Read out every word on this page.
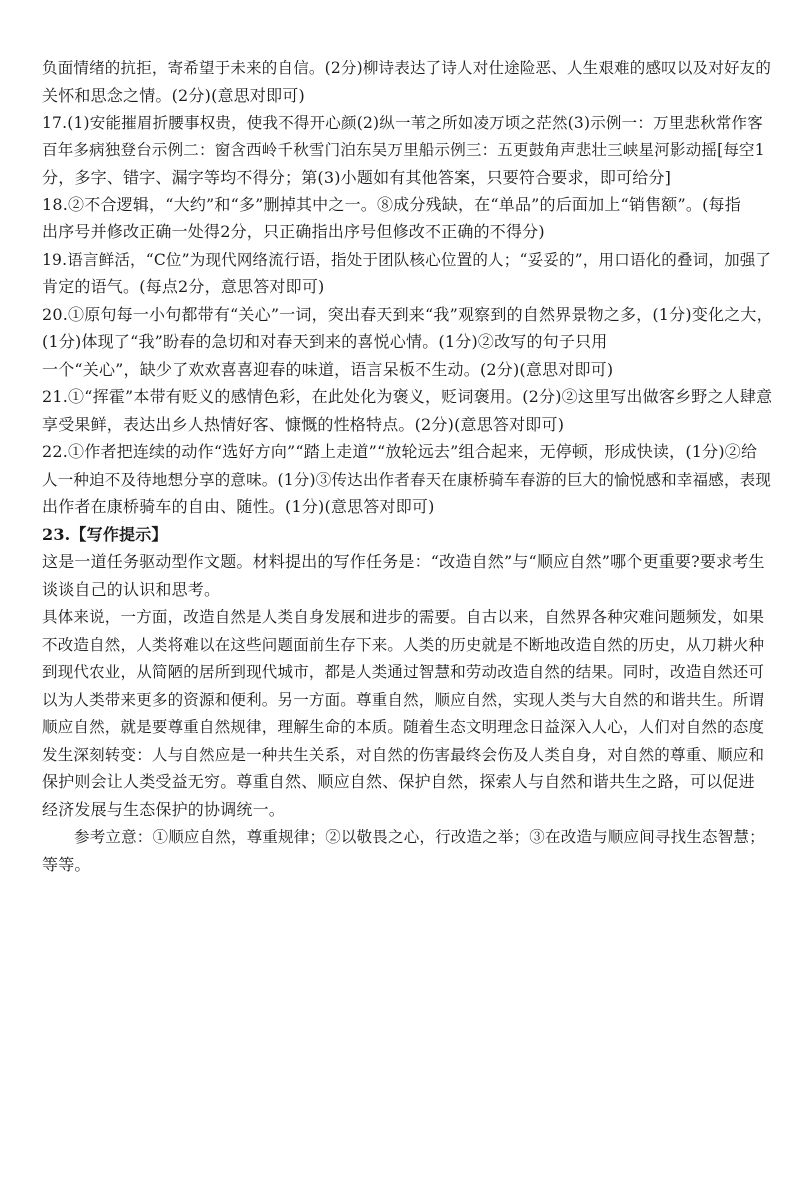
负面情绪的抗拒，寄希望于未来的自信。(2分)柳诗表达了诗人对仕途险恶、人生艰难的感叹以及对好友的
关怀和思念之情。(2分)(意思对即可)
17.(1)安能摧眉折腰事权贵，使我不得开心颜(2)纵一苇之所如凌万顷之茫然(3)示例一：万里悲秋常作客
百年多病独登台示例二：窗含西岭千秋雪门泊东吴万里船示例三：五更鼓角声悲壮三峡星河影动摇[每空1
分，多字、错字、漏字等均不得分；第(3)小题如有其他答案，只要符合要求，即可给分]
18.②不合逻辑，“大约”和“多”删掉其中之一。⑧成分残缺，在“单品”的后面加上“销售额”。(每指
出序号并修改正确一处得2分，只正确指出序号但修改不正确的不得分)
19.语言鲜活，“C位”为现代网络流行语，指处于团队核心位置的人；“妥妥的”，用口语化的叠词，加强了
肯定的语气。(每点2分，意思答对即可)
20.①原句每一小句都带有“关心”一词，突出春天到来“我”观察到的自然界景物之多，(1分)变化之大，
(1分)体现了“我”盼春的急切和对春天到来的喜悦心情。(1分)②改写的句子只用
一个“关心”，缺少了欢欢喜喜迎春的味道，语言呆板不生动。(2分)(意思对即可)
21.①“挥霍”本带有贬义的感情色彩，在此处化为褒义，贬词褒用。(2分)②这里写出做客乡野之人肆意
享受果鲜，表达出乡人热情好客、慷慨的性格特点。(2分)(意思答对即可)
22.①作者把连续的动作“选好方向”“踏上走道”“放轮远去”组合起来，无停顿，形成快读，(1分)②给
人一种迫不及待地想分享的意味。(1分)③传达出作者春天在康桥骑车春游的巨大的愉悦感和幸福感，表现
出作者在康桥骑车的自由、随性。(1分)(意思答对即可)
23.【写作提示】
这是一道任务驱动型作文题。材料提出的写作任务是：“改造自然”与“顺应自然”哪个更重要?要求考生
谈谈自己的认识和思考。
具体来说，一方面，改造自然是人类自身发展和进步的需要。自古以来，自然界各种灾难问题频发，如果
不改造自然，人类将难以在这些问题面前生存下来。人类的历史就是不断地改造自然的历史，从刀耕火种
到现代农业，从简陋的居所到现代城市，都是人类通过智慧和劳动改造自然的结果。同时，改造自然还可
以为人类带来更多的资源和便利。另一方面。尊重自然，顺应自然，实现人类与大自然的和谐共生。所谓
顺应自然，就是要尊重自然规律，理解生命的本质。随着生态文明理念日益深入人心，人们对自然的态度
发生深刻转变：人与自然应是一种共生关系，对自然的伤害最终会伤及人类自身，对自然的尊重、顺应和
保护则会让人类受益无穷。尊重自然、顺应自然、保护自然，探索人与自然和谐共生之路，可以促进
经济发展与生态保护的协调统一。
参考立意：①顺应自然，尊重规律；②以敬畏之心，行改造之举；③在改造与顺应间寻找生态智慧；
等等。
